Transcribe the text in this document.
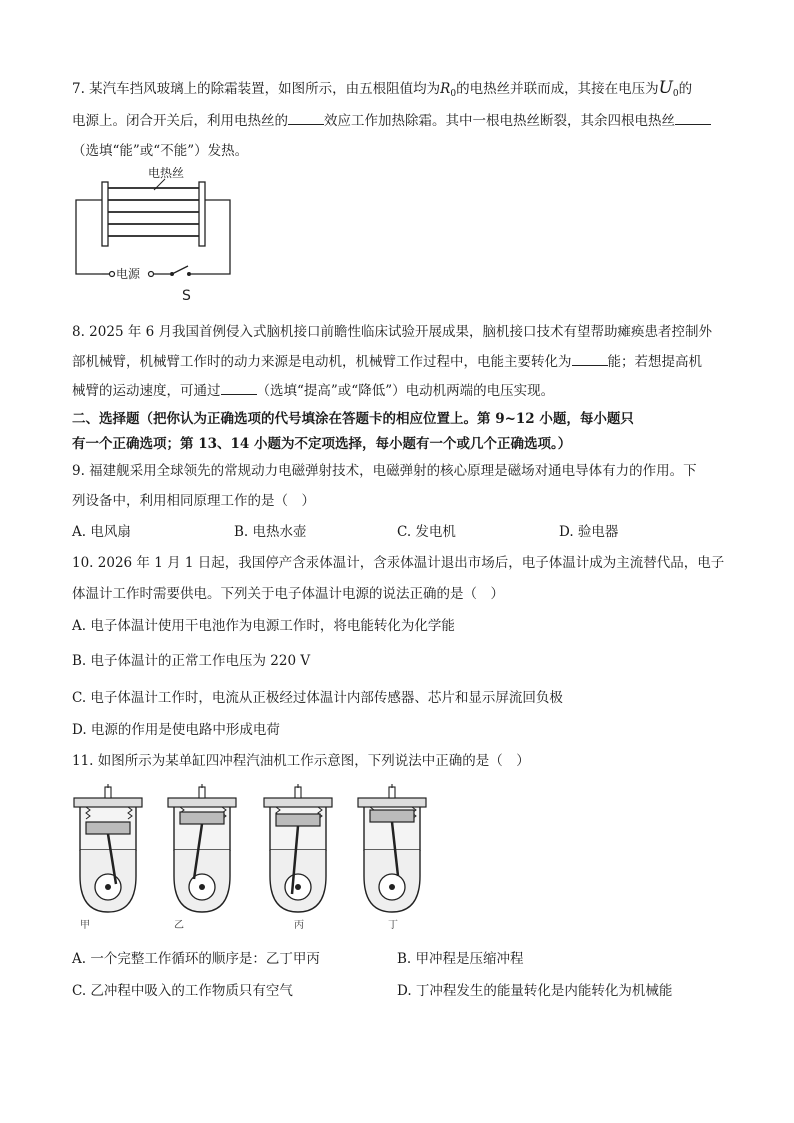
7. 某汽车挡风玻璃上的除霜装置，如图所示，由五根阻值均为$R_0$的电热丝并联而成，其接在电压为$U_0$的
电源上。闭合开关后，利用电热丝的	效应工作加热除霜。其中一根电热丝断裂，其余四根电热丝
（选填“能”或“不能”）发热。
电热丝
电源
S
8. 2025 年 6 月我国首例侵入式脑机接口前瞻性临床试验开展成果，脑机接口技术有望帮助瘫痪患者控制外
部机械臂，机械臂工作时的动力来源是电动机，机械臂工作过程中，电能主要转化为	能；若想提高机
械臂的运动速度，可通过	（选填“提高”或“降低”）电动机两端的电压实现。
二、选择题（把你认为正确选项的代号填涂在答题卡的相应位置上。第 9~12 小题，每小题只
有一个正确选项；第 13、14 小题为不定项选择，每小题有一个或几个正确选项。）
9. 福建舰采用全球领先的常规动力电磁弹射技术，电磁弹射的核心原理是磁场对通电导体有力的作用。下
列设备中，利用相同原理工作的是（　）
A. 电风扇	B. 电热水壶	C. 发电机	D. 验电器
10. 2026 年 1 月 1 日起，我国停产含汞体温计，含汞体温计退出市场后，电子体温计成为主流替代品，电子
体温计工作时需要供电。下列关于电子体温计电源的说法正确的是（　）
A. 电子体温计使用干电池作为电源工作时，将电能转化为化学能
B. 电子体温计的正常工作电压为 220 V
C. 电子体温计工作时，电流从正极经过体温计内部传感器、芯片和显示屏流回负极
D. 电源的作用是使电路中形成电荷
11. 如图所示为某单缸四冲程汽油机工作示意图，下列说法中正确的是（　）
甲	乙	丙	丁
A. 一个完整工作循环的顺序是：乙丁甲丙	B. 甲冲程是压缩冲程
C. 乙冲程中吸入的工作物质只有空气	D. 丁冲程发生的能量转化是内能转化为机械能
